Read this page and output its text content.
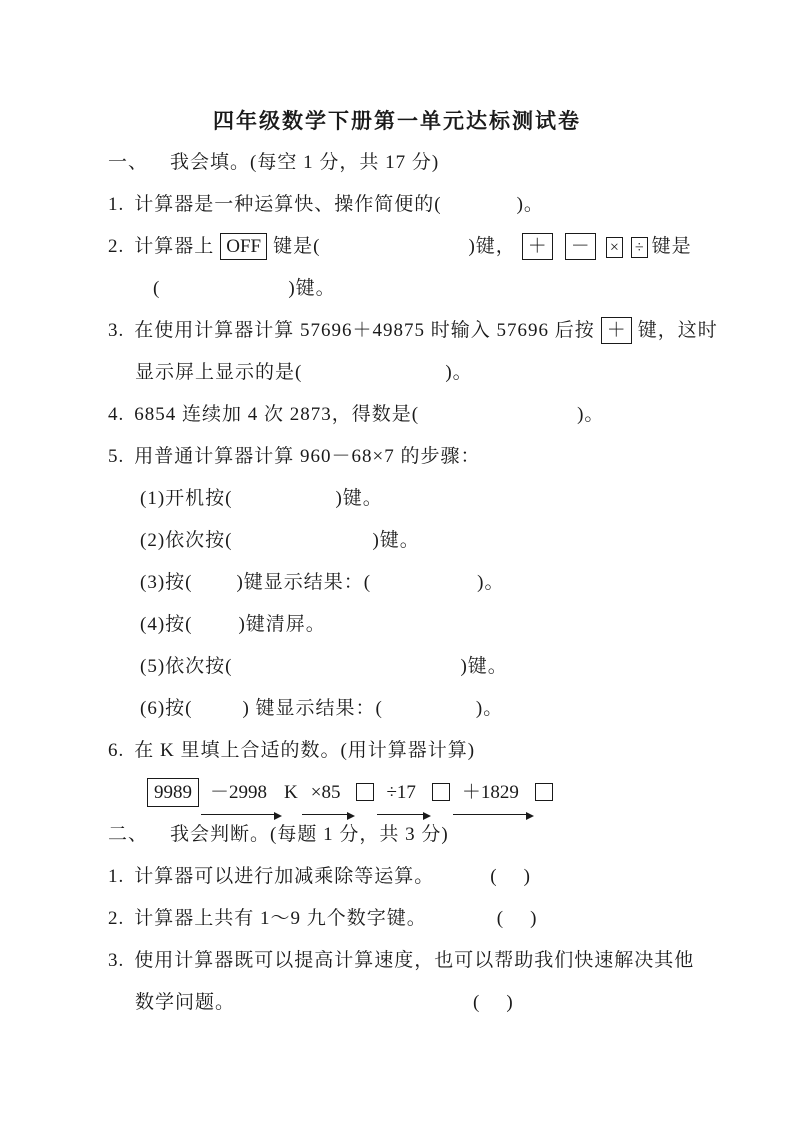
四年级数学下册第一单元达标测试卷
一、 我会填。(每空 1 分，共 17 分)
1. 计算器是一种运算快、操作简便的(	)。
2. 计算器上 OFF 键是(	)键， ＋ － × ÷ 键是
(	)键。
3. 在使用计算器计算 57696＋49875 时输入 57696 后按 ＋ 键，这时
显示屏上显示的是(	)。
4. 6854 连续加 4 次 2873，得数是(	)。
5. 用普通计算器计算 960－68×7 的步骤：
(1)开机按(	)键。
(2)依次按(	)键。
(3)按( )键显示结果：(	)。
(4)按( )键清屏。
(5)依次按(	)键。
(6)按(	) 键显示结果：(	)。
6. 在 K 里填上合适的数。(用计算器计算)
9989 －2998 K ×85 ÷17 ＋1829
二、 我会判断。(每题 1 分，共 3 分)
1. 计算器可以进行加减乘除等运算。	( )
2. 计算器上共有 1～9 九个数字键。	( )
3. 使用计算器既可以提高计算速度，也可以帮助我们快速解决其他
数学问题。	( )
